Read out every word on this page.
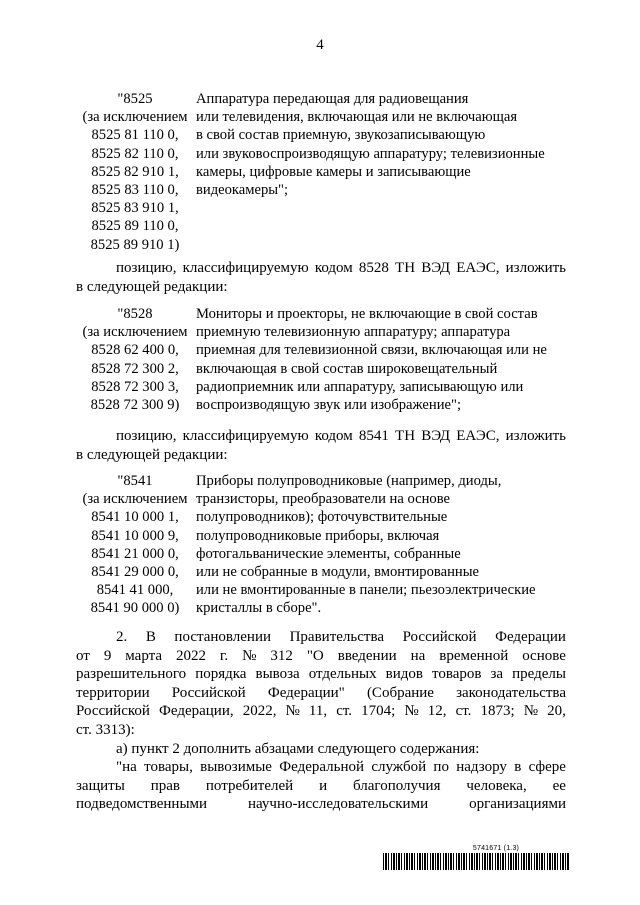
4
"8525
(за исключением
8525 81 110 0,
8525 82 110 0,
8525 82 910 1,
8525 83 110 0,
8525 83 910 1,
8525 89 110 0,
8525 89 910 1)
Аппаратура передающая для радиовещания
или телевидения, включающая или не включающая
в свой состав приемную, звукозаписывающую
или звуковоспроизводящую аппаратуру; телевизионные
камеры, цифровые камеры и записывающие
видеокамеры";
позицию, классифицируемую кодом 8528 ТН ВЭД ЕАЭС, изложить
в следующей редакции:
"8528
(за исключением
8528 62 400 0,
8528 72 300 2,
8528 72 300 3,
8528 72 300 9)
Мониторы и проекторы, не включающие в свой состав
приемную телевизионную аппаратуру; аппаратура
приемная для телевизионной связи, включающая или не
включающая в свой состав широковещательный
радиоприемник или аппаратуру, записывающую или
воспроизводящую звук или изображение";
позицию, классифицируемую кодом 8541 ТН ВЭД ЕАЭС, изложить
в следующей редакции:
"8541
(за исключением
8541 10 000 1,
8541 10 000 9,
8541 21 000 0,
8541 29 000 0,
8541 41 000,
8541 90 000 0)
Приборы полупроводниковые (например, диоды,
транзисторы, преобразователи на основе
полупроводников); фоточувствительные
полупроводниковые приборы, включая
фотогальванические элементы, собранные
или не собранные в модули, вмонтированные
или не вмонтированные в панели; пьезоэлектрические
кристаллы в сборе".
2. В постановлении Правительства Российской Федерации
от 9 марта 2022 г. № 312 "О введении на временной основе
разрешительного порядка вывоза отдельных видов товаров за пределы
территории Российской Федерации" (Собрание законодательства
Российской Федерации, 2022, № 11, ст. 1704; № 12, ст. 1873; № 20,
ст. 3313):
а) пункт 2 дополнить абзацами следующего содержания:
"на товары, вывозимые Федеральной службой по надзору в сфере
защиты прав потребителей и благополучия человека, ее
подведомственными	научно-исследовательскими	организациями
5741671 (1.3)
